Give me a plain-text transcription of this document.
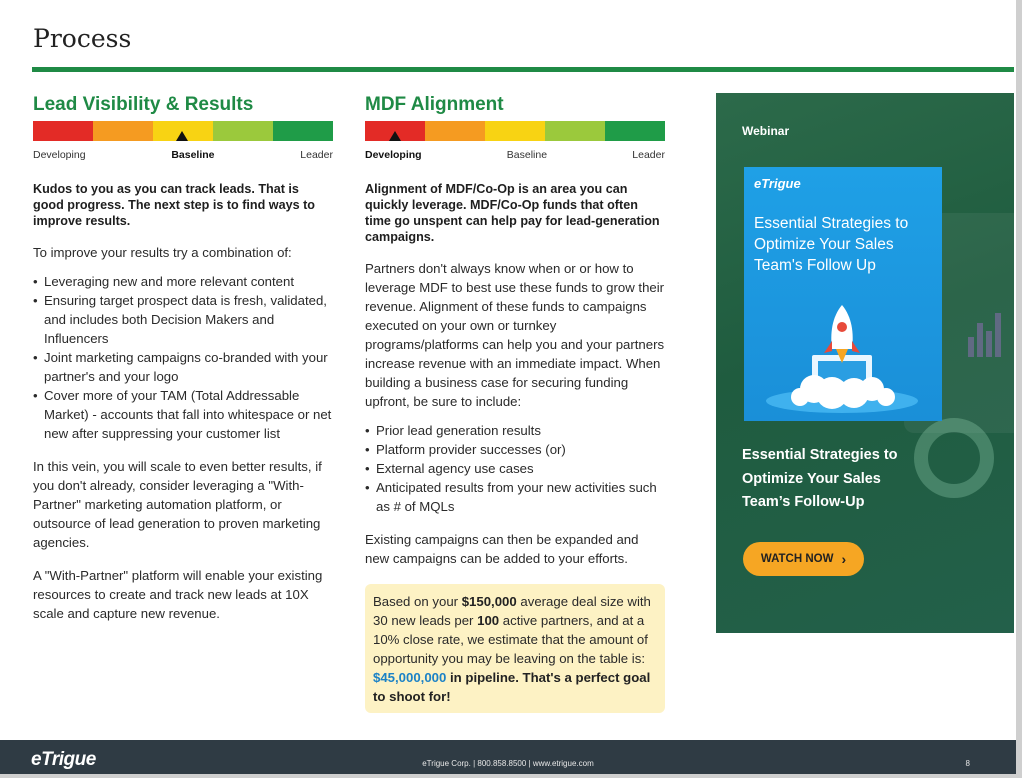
Process
Lead Visibility & Results
Developing	Baseline	Leader

Kudos to you as you can track leads. That is good progress. The next step is to find ways to improve results.

To improve your results try a combination of:

• Leveraging new and more relevant content
• Ensuring target prospect data is fresh, validated, and includes both Decision Makers and Influencers
• Joint marketing campaigns co-branded with your partner's and your logo
• Cover more of your TAM (Total Addressable Market) - accounts that fall into whitespace or net new after suppressing your customer list

In this vein, you will scale to even better results, if you don't already, consider leveraging a "With-Partner" marketing automation platform, or outsource of lead generation to proven marketing agencies.

A "With-Partner" platform will enable your existing resources to create and track new leads at 10X scale and capture new revenue.

MDF Alignment
Developing	Baseline	Leader

Alignment of MDF/Co-Op is an area you can quickly leverage. MDF/Co-Op funds that often time go unspent can help pay for lead-generation campaigns.

Partners don't always know when or or how to leverage MDF to best use these funds to grow their revenue. Alignment of these funds to campaigns executed on your own or turnkey programs/platforms can help you and your partners increase revenue with an immediate impact. When building a business case for securing funding upfront, be sure to include:

• Prior lead generation results
• Platform provider successes (or)
• External agency use cases
• Anticipated results from your new activities such as # of MQLs

Existing campaigns can then be expanded and new campaigns can be added to your efforts.

Based on your $150,000 average deal size with 30 new leads per 100 active partners, and at a 10% close rate, we estimate that the amount of opportunity you may be leaving on the table is: $45,000,000 in pipeline. That's a perfect goal to shoot for!
Webinar
eTrigue
Essential Strategies to Optimize Your Sales Team's Follow Up
Essential Strategies to Optimize Your Sales Team’s Follow-Up
WATCH NOW ›
eTrigue	eTrigue Corp. | 800.858.8500 | www.etrigue.com	8
